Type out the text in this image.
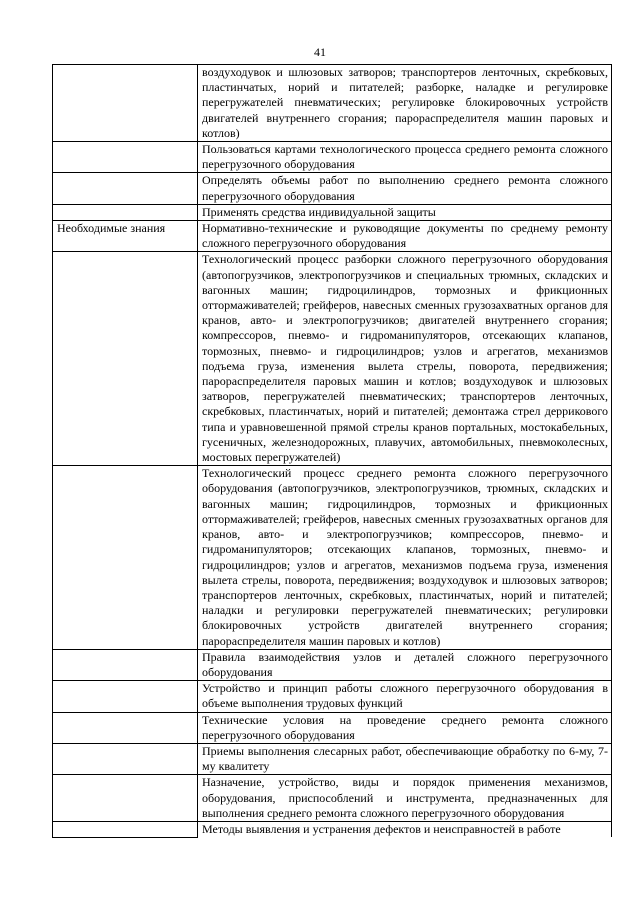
41
	воздуходувок и шлюзовых затворов; транспортеров ленточных, скребковых, пластинчатых, норий и питателей; разборке, наладке и регулировке перегружателей пневматических; регулировке блокировочных устройств двигателей внутреннего сгорания; парораспределителя машин паровых и котлов)
	Пользоваться картами технологического процесса среднего ремонта сложного перегрузочного оборудования
	Определять объемы работ по выполнению среднего ремонта сложного перегрузочного оборудования
	Применять средства индивидуальной защиты
Необходимые знания	Нормативно-технические и руководящие документы по среднему ремонту сложного перегрузочного оборудования
	Технологический процесс разборки сложного перегрузочного оборудования (автопогрузчиков, электропогрузчиков и специальных трюмных, складских и вагонных машин; гидроцилиндров, тормозных и фрикционных оттормаживателей; грейферов, навесных сменных грузозахватных органов для кранов, авто- и электропогрузчиков; двигателей внутреннего сгорания; компрессоров, пневмо- и гидроманипуляторов, отсекающих клапанов, тормозных, пневмо- и гидроцилиндров; узлов и агрегатов, механизмов подъема груза, изменения вылета стрелы, поворота, передвижения; парораспределителя паровых машин и котлов; воздуходувок и шлюзовых затворов, перегружателей пневматических; транспортеров ленточных, скребковых, пластинчатых, норий и питателей; демонтажа стрел деррикового типа и уравновешенной прямой стрелы кранов портальных, мостокабельных, гусеничных, железнодорожных, плавучих, автомобильных, пневмоколесных, мостовых перегружателей)
	Технологический процесс среднего ремонта сложного перегрузочного оборудования (автопогрузчиков, электропогрузчиков, трюмных, складских и вагонных машин; гидроцилиндров, тормозных и фрикционных оттормаживателей; грейферов, навесных сменных грузозахватных органов для кранов, авто- и электропогрузчиков; компрессоров, пневмо- и гидроманипуляторов; отсекающих клапанов, тормозных, пневмо- и гидроцилиндров; узлов и агрегатов, механизмов подъема груза, изменения вылета стрелы, поворота, передвижения; воздуходувок и шлюзовых затворов; транспортеров ленточных, скребковых, пластинчатых, норий и питателей; наладки и регулировки перегружателей пневматических; регулировки блокировочных устройств двигателей внутреннего сгорания; парораспределителя машин паровых и котлов)
	Правила взаимодействия узлов и деталей сложного перегрузочного оборудования
	Устройство и принцип работы сложного перегрузочного оборудования в объеме выполнения трудовых функций
	Технические условия на проведение среднего ремонта сложного перегрузочного оборудования
	Приемы выполнения слесарных работ, обеспечивающие обработку по 6-му, 7-му квалитету
	Назначение, устройство, виды и порядок применения механизмов, оборудования, приспособлений и инструмента, предназначенных для выполнения среднего ремонта сложного перегрузочного оборудования
	Методы выявления и устранения дефектов и неисправностей в работе
